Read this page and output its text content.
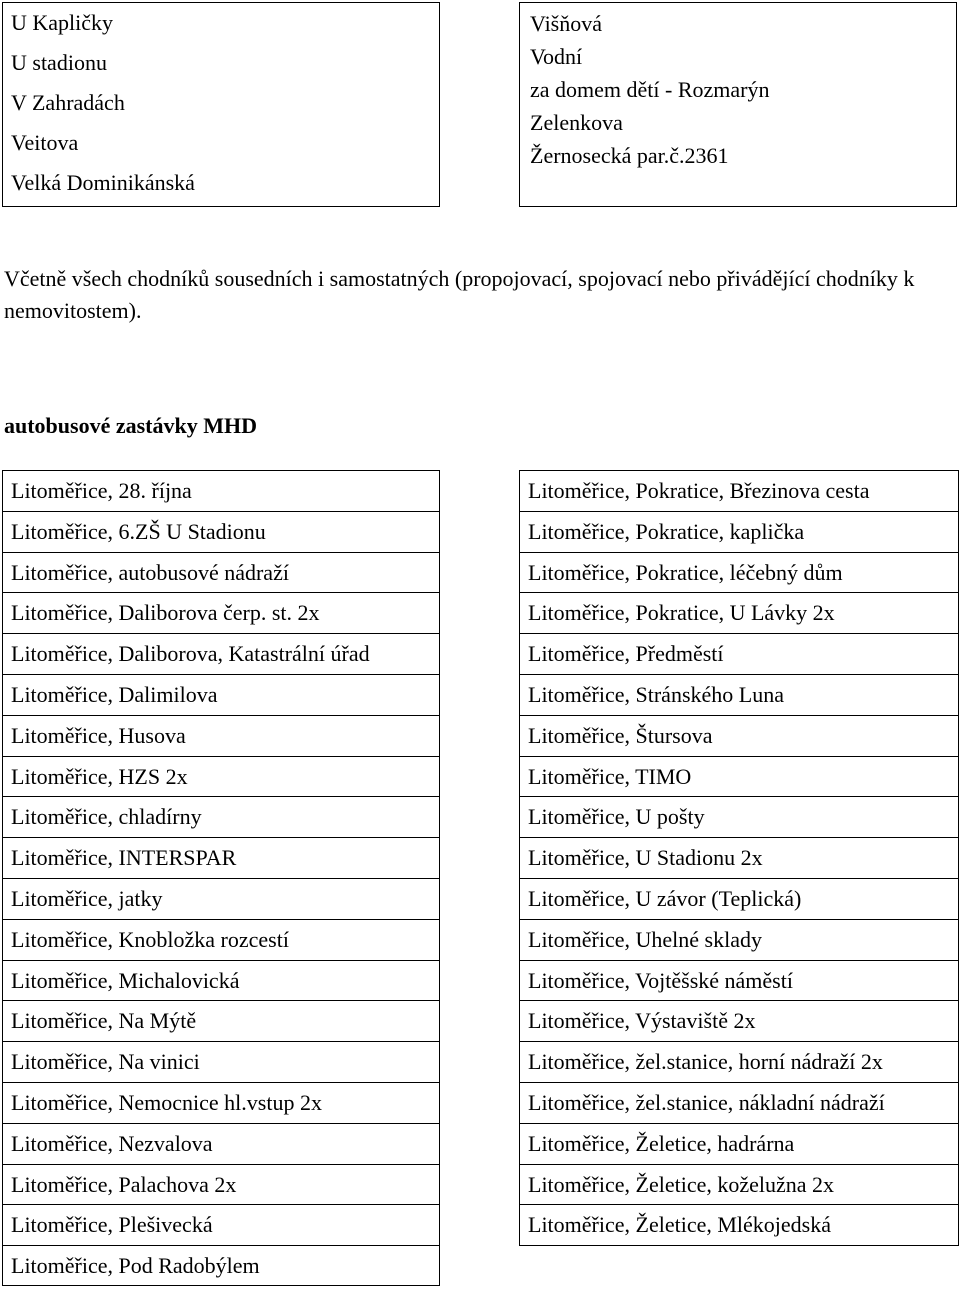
U Kapličky
U stadionu
V Zahradách
Veitova
Velká Dominikánská
Višňová
Vodní
za domem dětí - Rozmarýn
Zelenkova
Žernosecká par.č.2361
Včetně všech chodníků sousedních i samostatných (propojovací, spojovací nebo přivádějící chodníky k nemovitostem).
autobusové zastávky MHD
Litoměřice, 28. října
Litoměřice, 6.ZŠ U Stadionu
Litoměřice, autobusové nádraží
Litoměřice, Daliborova čerp. st. 2x
Litoměřice, Daliborova, Katastrální úřad
Litoměřice, Dalimilova
Litoměřice, Husova
Litoměřice, HZS 2x
Litoměřice, chladírny
Litoměřice, INTERSPAR
Litoměřice, jatky
Litoměřice, Knobložka rozcestí
Litoměřice, Michalovická
Litoměřice, Na Mýtě
Litoměřice, Na vinici
Litoměřice, Nemocnice hl.vstup 2x
Litoměřice, Nezvalova
Litoměřice, Palachova 2x
Litoměřice, Plešivecká
Litoměřice, Pod Radobýlem
Litoměřice, Pokratice, Březinova cesta
Litoměřice, Pokratice, kaplička
Litoměřice, Pokratice, léčebný dům
Litoměřice, Pokratice, U Lávky 2x
Litoměřice, Předměstí
Litoměřice, Stránského Luna
Litoměřice, Štursova
Litoměřice, TIMO
Litoměřice, U pošty
Litoměřice, U Stadionu 2x
Litoměřice, U závor (Teplická)
Litoměřice, Uhelné sklady
Litoměřice, Vojtěšské náměstí
Litoměřice, Výstaviště 2x
Litoměřice, žel.stanice, horní nádraží 2x
Litoměřice, žel.stanice, nákladní nádraží
Litoměřice, Želetice, hadrárna
Litoměřice, Želetice, koželužna 2x
Litoměřice, Želetice, Mlékojedská
